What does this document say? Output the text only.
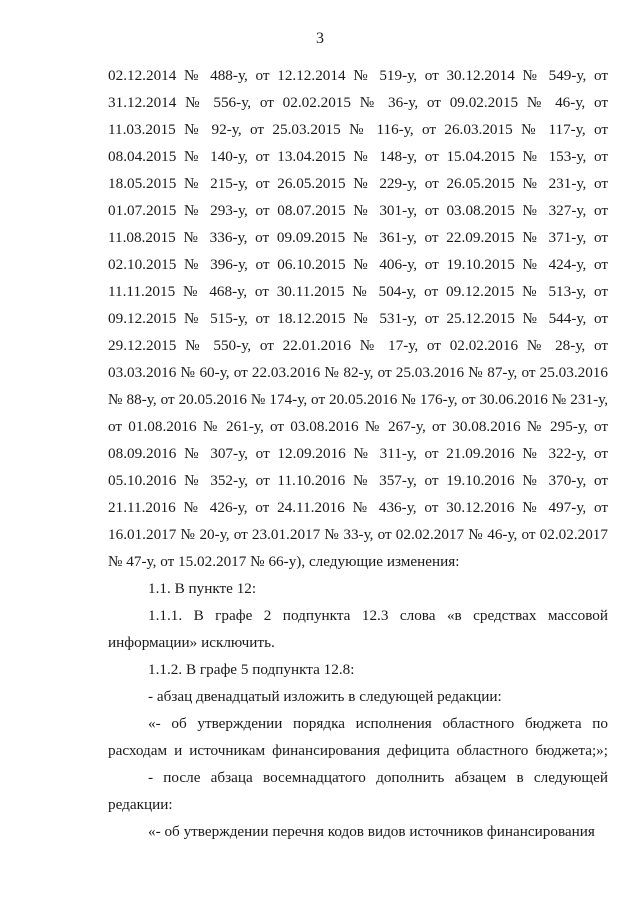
3
02.12.2014 № 488-у, от 12.12.2014 № 519-у, от 30.12.2014 № 549-у, от
31.12.2014 № 556-у, от 02.02.2015 № 36-у, от 09.02.2015 № 46-у, от
11.03.2015 № 92-у, от 25.03.2015 № 116-у, от 26.03.2015 № 117-у, от
08.04.2015 № 140-у, от 13.04.2015 № 148-у, от 15.04.2015 № 153-у, от
18.05.2015 № 215-у, от 26.05.2015 № 229-у, от 26.05.2015 № 231-у, от
01.07.2015 № 293-у, от 08.07.2015 № 301-у, от 03.08.2015 № 327-у, от
11.08.2015 № 336-у, от 09.09.2015 № 361-у, от 22.09.2015 № 371-у, от
02.10.2015 № 396-у, от 06.10.2015 № 406-у, от 19.10.2015 № 424-у, от
11.11.2015 № 468-у, от 30.11.2015 № 504-у, от 09.12.2015 № 513-у, от
09.12.2015 № 515-у, от 18.12.2015 № 531-у, от 25.12.2015 № 544-у, от
29.12.2015 № 550-у, от 22.01.2016 № 17-у, от 02.02.2016 № 28-у, от
03.03.2016 № 60-у, от 22.03.2016 № 82-у, от 25.03.2016 № 87-у, от 25.03.2016
№ 88-у, от 20.05.2016 № 174-у, от 20.05.2016 № 176-у, от 30.06.2016 № 231-у,
от 01.08.2016 № 261-у, от 03.08.2016 № 267-у, от 30.08.2016 № 295-у, от
08.09.2016 № 307-у, от 12.09.2016 № 311-у, от 21.09.2016 № 322-у, от
05.10.2016 № 352-у, от 11.10.2016 № 357-у, от 19.10.2016 № 370-у, от
21.11.2016 № 426-у, от 24.11.2016 № 436-у, от 30.12.2016 № 497-у, от
16.01.2017 № 20-у, от 23.01.2017 № 33-у, от 02.02.2017 № 46-у, от 02.02.2017
№ 47-у, от 15.02.2017 № 66-у), следующие изменения:
1.1. В пункте 12:
1.1.1. В графе 2 подпункта 12.3 слова «в средствах массовой
информации» исключить.
1.1.2. В графе 5 подпункта 12.8:
- абзац двенадцатый изложить в следующей редакции:
«- об утверждении порядка исполнения областного бюджета по
расходам и источникам финансирования дефицита областного бюджета;»;
- после абзаца восемнадцатого дополнить абзацем в следующей
редакции:
«- об утверждении перечня кодов видов источников финансирования
